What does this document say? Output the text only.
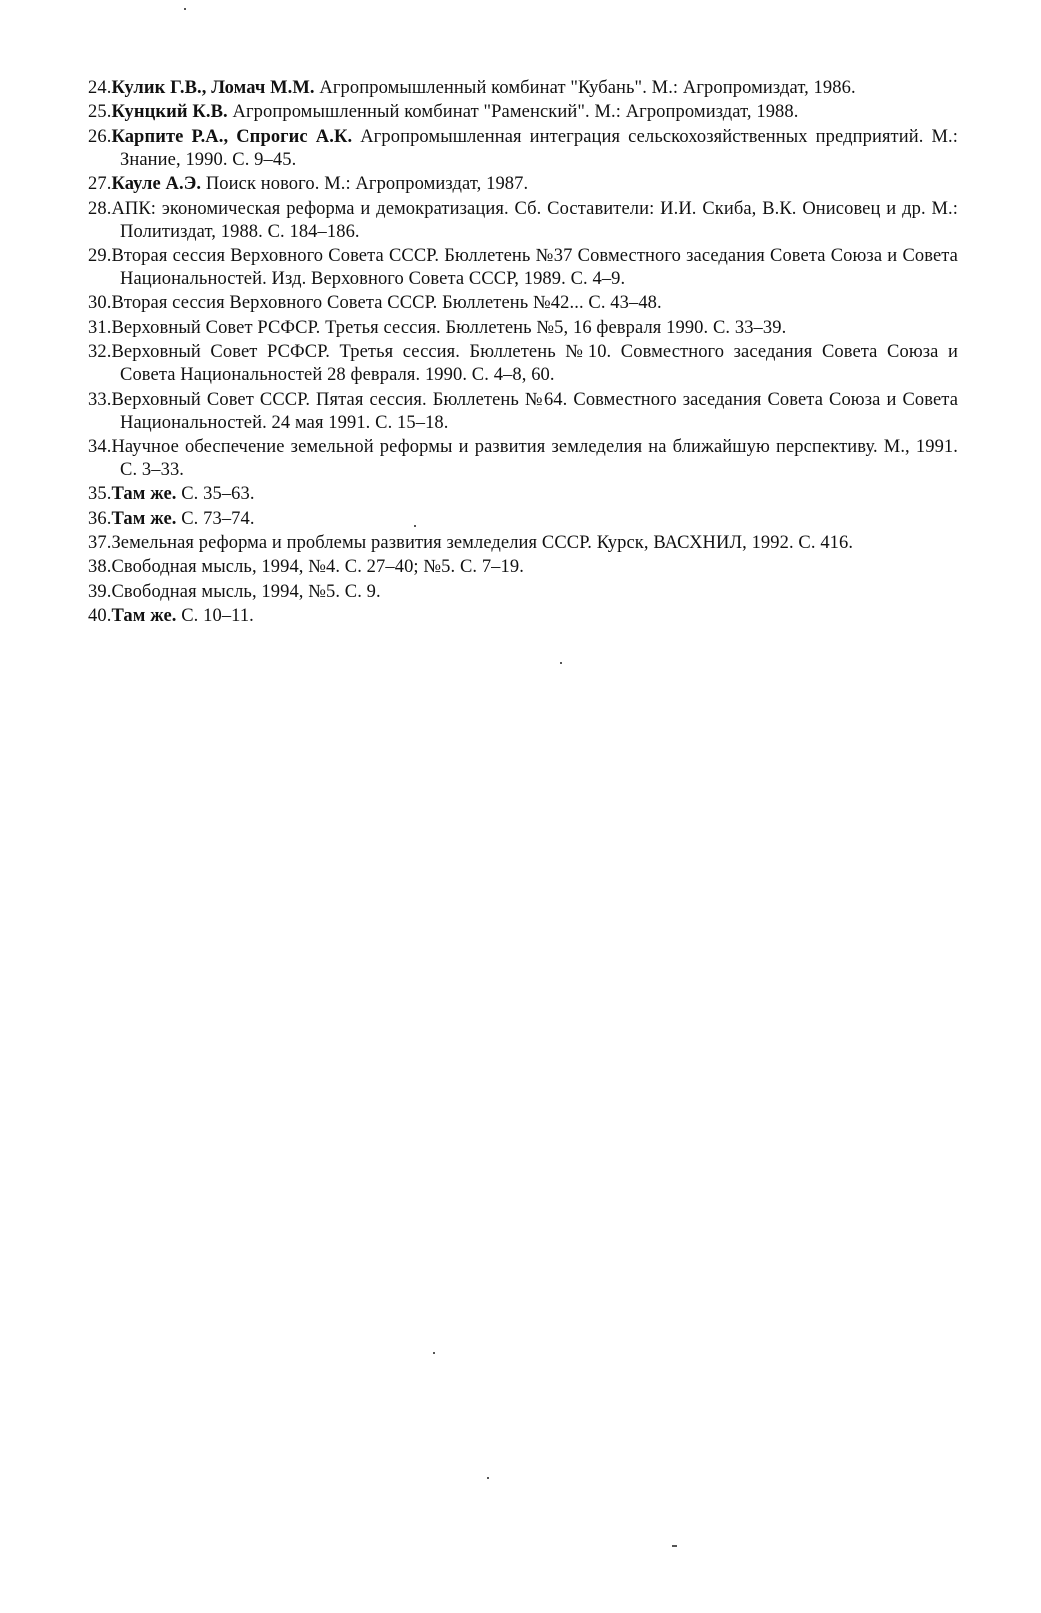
24.Кулик Г.В., Ломач М.М. Агропромышленный комбинат "Кубань". М.: Агропромиздат, 1986.
25.Кунцкий К.В. Агропромышленный комбинат "Раменский". М.: Агропромиздат, 1988.
26.Карпите Р.А., Спрогис А.К. Агропромышленная интеграция сельскохозяйственных предприятий. М.: Знание, 1990. С. 9–45.
27.Кауле А.Э. Поиск нового. М.: Агропромиздат, 1987.
28.АПК: экономическая реформа и демократизация. Сб. Составители: И.И. Скиба, В.К. Онисовец и др. М.: Политиздат, 1988. С. 184–186.
29.Вторая сессия Верховного Совета СССР. Бюллетень №37 Совместного заседания Совета Союза и Совета Национальностей. Изд. Верховного Совета СССР, 1989. С. 4–9.
30.Вторая сессия Верховного Совета СССР. Бюллетень №42... С. 43–48.
31.Верховный Совет РСФСР. Третья сессия. Бюллетень №5, 16 февраля 1990. С. 33–39.
32.Верховный Совет РСФСР. Третья сессия. Бюллетень №10. Совместного заседания Совета Союза и Совета Национальностей 28 февраля. 1990. С. 4–8, 60.
33.Верховный Совет СССР. Пятая сессия. Бюллетень №64. Совместного заседания Совета Союза и Совета Национальностей. 24 мая 1991. С. 15–18.
34.Научное обеспечение земельной реформы и развития земледелия на ближайшую перспективу. М., 1991. С. 3–33.
35.Там же. С. 35–63.
36.Там же. С. 73–74.
37.Земельная реформа и проблемы развития земледелия СССР. Курск, ВАСХНИЛ, 1992. С. 416.
38.Свободная мысль, 1994, №4. С. 27–40; №5. С. 7–19.
39.Свободная мысль, 1994, №5. С. 9.
40.Там же. С. 10–11.
